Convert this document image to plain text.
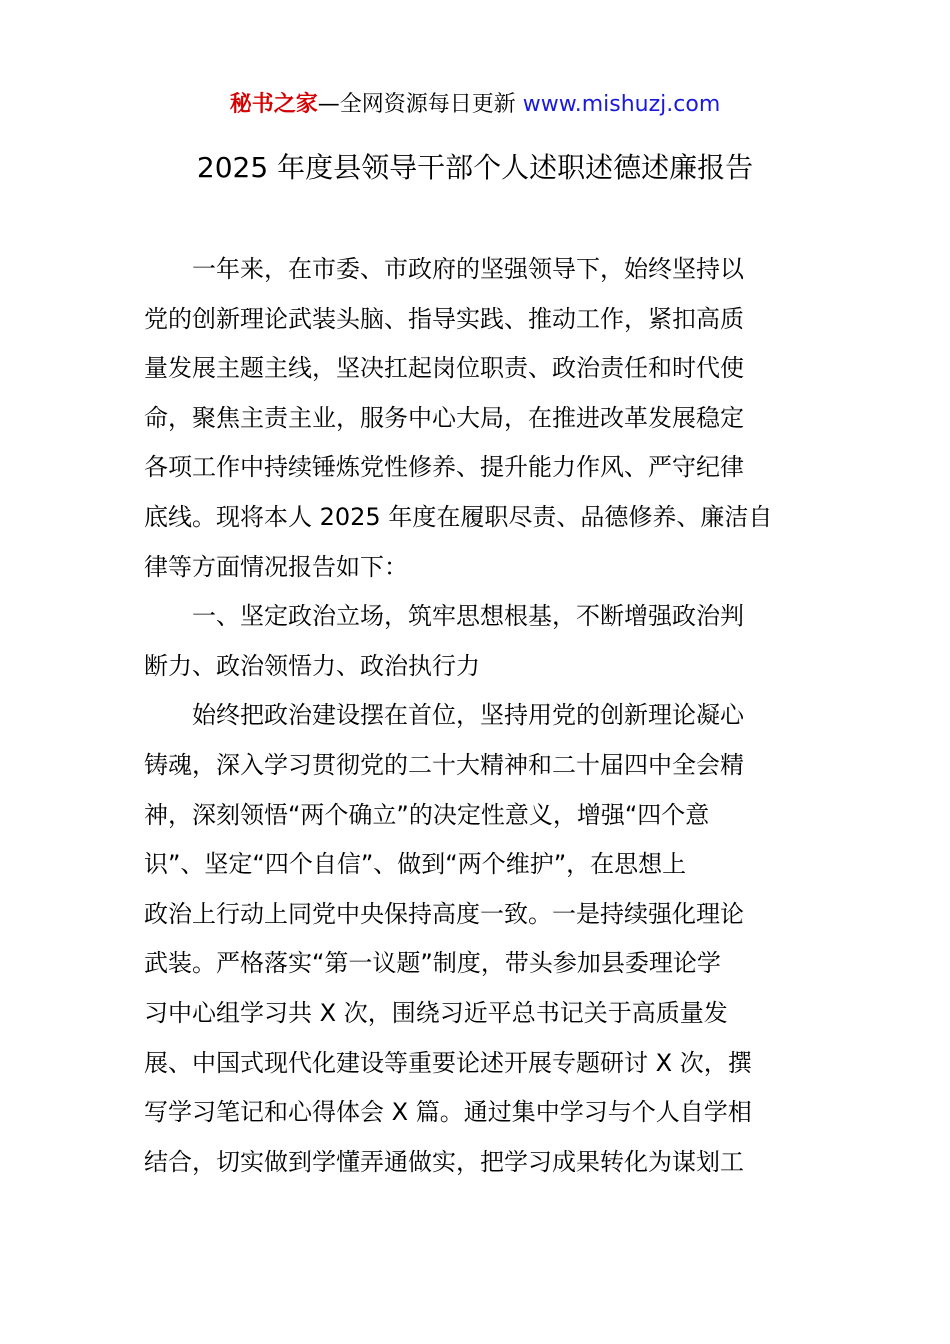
秘书之家—全网资源每日更新 www.mishuzj.com
2025 年度县领导干部个人述职述德述廉报告
一年来，在市委、市政府的坚强领导下，始终坚持以
党的创新理论武装头脑、指导实践、推动工作，紧扣高质
量发展主题主线，坚决扛起岗位职责、政治责任和时代使
命，聚焦主责主业，服务中心大局，在推进改革发展稳定
各项工作中持续锤炼党性修养、提升能力作风、严守纪律
底线。现将本人 2025 年度在履职尽责、品德修养、廉洁自
律等方面情况报告如下：
一、坚定政治立场，筑牢思想根基，不断增强政治判
断力、政治领悟力、政治执行力
始终把政治建设摆在首位，坚持用党的创新理论凝心
铸魂，深入学习贯彻党的二十大精神和二十届四中全会精
神，深刻领悟“两个确立”的决定性意义，增强“四个意
识”、坚定“四个自信”、做到“两个维护”，在思想上
政治上行动上同党中央保持高度一致。一是持续强化理论
武装。严格落实“第一议题”制度，带头参加县委理论学
习中心组学习共 X 次，围绕习近平总书记关于高质量发
展、中国式现代化建设等重要论述开展专题研讨 X 次，撰
写学习笔记和心得体会 X 篇。通过集中学习与个人自学相
结合，切实做到学懂弄通做实，把学习成果转化为谋划工
